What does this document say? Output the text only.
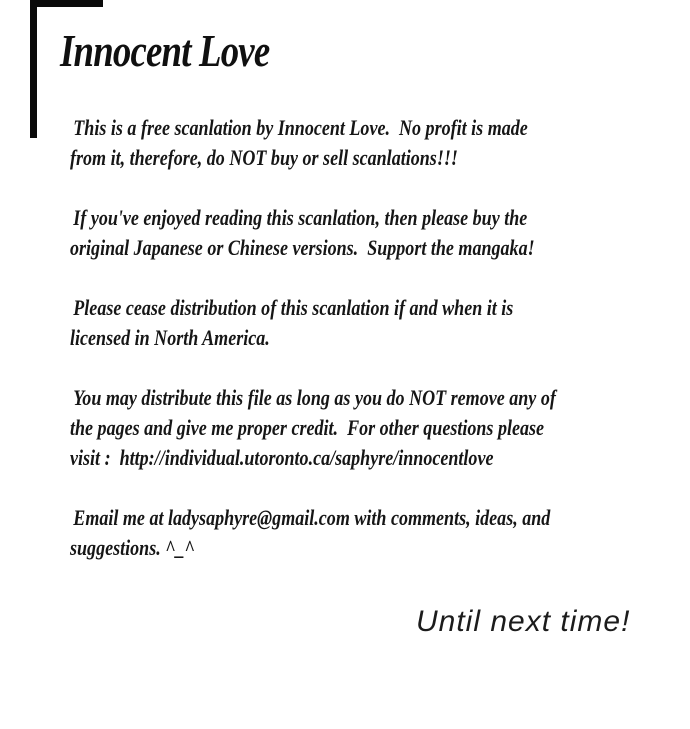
Innocent Love

This is a free scanlation by Innocent Love.  No profit is made
from it, therefore, do NOT buy or sell scanlations!!!

If you've enjoyed reading this scanlation, then please buy the
original Japanese or Chinese versions.  Support the mangaka!

Please cease distribution of this scanlation if and when it is
licensed in North America.

You may distribute this file as long as you do NOT remove any of
the pages and give me proper credit.  For other questions please
visit :  http://individual.utoronto.ca/saphyre/innocentlove

Email me at ladysaphyre@gmail.com with comments, ideas, and
suggestions. ^_^

Until next time!
